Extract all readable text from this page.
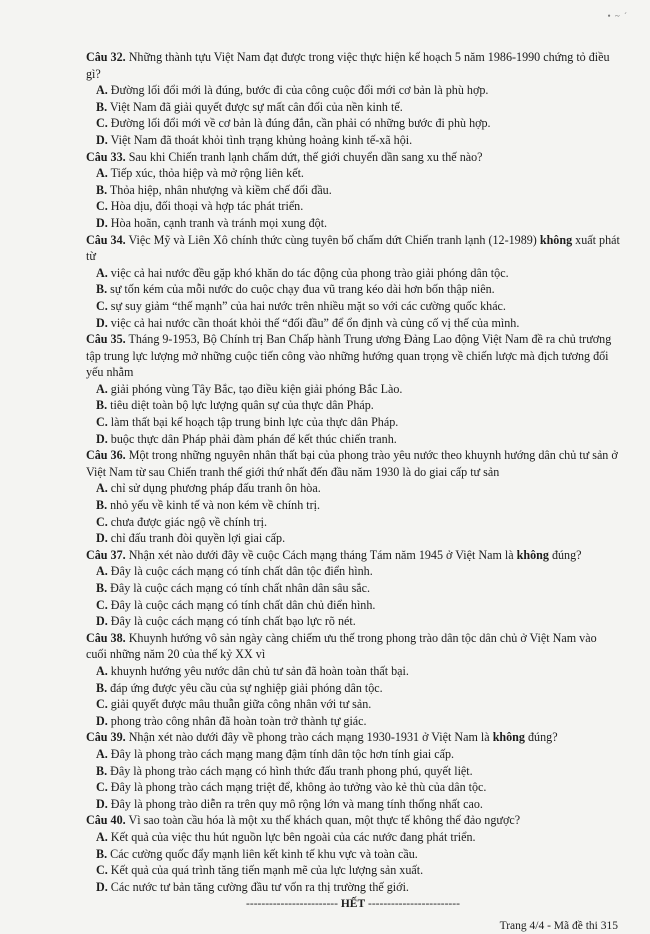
• ~ ´

Câu 32. Những thành tựu Việt Nam đạt được trong việc thực hiện kế hoạch 5 năm 1986-1990 chứng tỏ điều gì?

A. Đường lối đổi mới là đúng, bước đi của công cuộc đổi mới cơ bản là phù hợp.

B. Việt Nam đã giải quyết được sự mất cân đối của nền kinh tế.

C. Đường lối đổi mới về cơ bản là đúng đắn, cần phải có những bước đi phù hợp.

D. Việt Nam đã thoát khỏi tình trạng khủng hoảng kinh tế-xã hội.

Câu 33. Sau khi Chiến tranh lạnh chấm dứt, thế giới chuyển dần sang xu thế nào?

A. Tiếp xúc, thỏa hiệp và mở rộng liên kết.

B. Thỏa hiệp, nhân nhượng và kiềm chế đối đầu.

C. Hòa dịu, đối thoại và hợp tác phát triển.

D. Hòa hoãn, cạnh tranh và tránh mọi xung đột.

Câu 34. Việc Mỹ và Liên Xô chính thức cùng tuyên bố chấm dứt Chiến tranh lạnh (12-1989) không xuất phát từ

A. việc cả hai nước đều gặp khó khăn do tác động của phong trào giải phóng dân tộc.

B. sự tốn kém của mỗi nước do cuộc chạy đua vũ trang kéo dài hơn bốn thập niên.

C. sự suy giảm “thế mạnh” của hai nước trên nhiều mặt so với các cường quốc khác.

D. việc cả hai nước cần thoát khỏi thế “đối đầu” để ổn định và củng cố vị thế của mình.

Câu 35. Tháng 9-1953, Bộ Chính trị Ban Chấp hành Trung ương Đảng Lao động Việt Nam đề ra chủ trương tập trung lực lượng mở những cuộc tiến công vào những hướng quan trọng về chiến lược mà địch tương đối yếu nhằm

A. giải phóng vùng Tây Bắc, tạo điều kiện giải phóng Bắc Lào.

B. tiêu diệt toàn bộ lực lượng quân sự của thực dân Pháp.

C. làm thất bại kế hoạch tập trung binh lực của thực dân Pháp.

D. buộc thực dân Pháp phải đàm phán để kết thúc chiến tranh.

Câu 36. Một trong những nguyên nhân thất bại của phong trào yêu nước theo khuynh hướng dân chủ tư sản ở Việt Nam từ sau Chiến tranh thế giới thứ nhất đến đầu năm 1930 là do giai cấp tư sản

A. chỉ sử dụng phương pháp đấu tranh ôn hòa.

B. nhỏ yếu về kinh tế và non kém về chính trị.

C. chưa được giác ngộ về chính trị.

D. chỉ đấu tranh đòi quyền lợi giai cấp.

Câu 37. Nhận xét nào dưới đây về cuộc Cách mạng tháng Tám năm 1945 ở Việt Nam là không đúng?

A. Đây là cuộc cách mạng có tính chất dân tộc điển hình.

B. Đây là cuộc cách mạng có tính chất nhân dân sâu sắc.

C. Đây là cuộc cách mạng có tính chất dân chủ điển hình.

D. Đây là cuộc cách mạng có tính chất bạo lực rõ nét.

Câu 38. Khuynh hướng vô sản ngày càng chiếm ưu thế trong phong trào dân tộc dân chủ ở Việt Nam vào cuối những năm 20 của thế kỷ XX vì

A. khuynh hướng yêu nước dân chủ tư sản đã hoàn toàn thất bại.

B. đáp ứng được yêu cầu của sự nghiệp giải phóng dân tộc.

C. giải quyết được mâu thuẫn giữa công nhân với tư sản.

D. phong trào công nhân đã hoàn toàn trở thành tự giác.

Câu 39. Nhận xét nào dưới đây về phong trào cách mạng 1930-1931 ở Việt Nam là không đúng?

A. Đây là phong trào cách mạng mang đậm tính dân tộc hơn tính giai cấp.

B. Đây là phong trào cách mạng có hình thức đấu tranh phong phú, quyết liệt.

C. Đây là phong trào cách mạng triệt để, không ảo tưởng vào kẻ thù của dân tộc.

D. Đây là phong trào diễn ra trên quy mô rộng lớn và mang tính thống nhất cao.

Câu 40. Vì sao toàn cầu hóa là một xu thế khách quan, một thực tế không thể đảo ngược?

A. Kết quả của việc thu hút nguồn lực bên ngoài của các nước đang phát triển.

B. Các cường quốc đẩy mạnh liên kết kinh tế khu vực và toàn cầu.

C. Kết quả của quá trình tăng tiến mạnh mẽ của lực lượng sản xuất.

D. Các nước tư bản tăng cường đầu tư vốn ra thị trường thế giới.

------------------------ HẾT ------------------------
Trang 4/4 - Mã đề thi 315
